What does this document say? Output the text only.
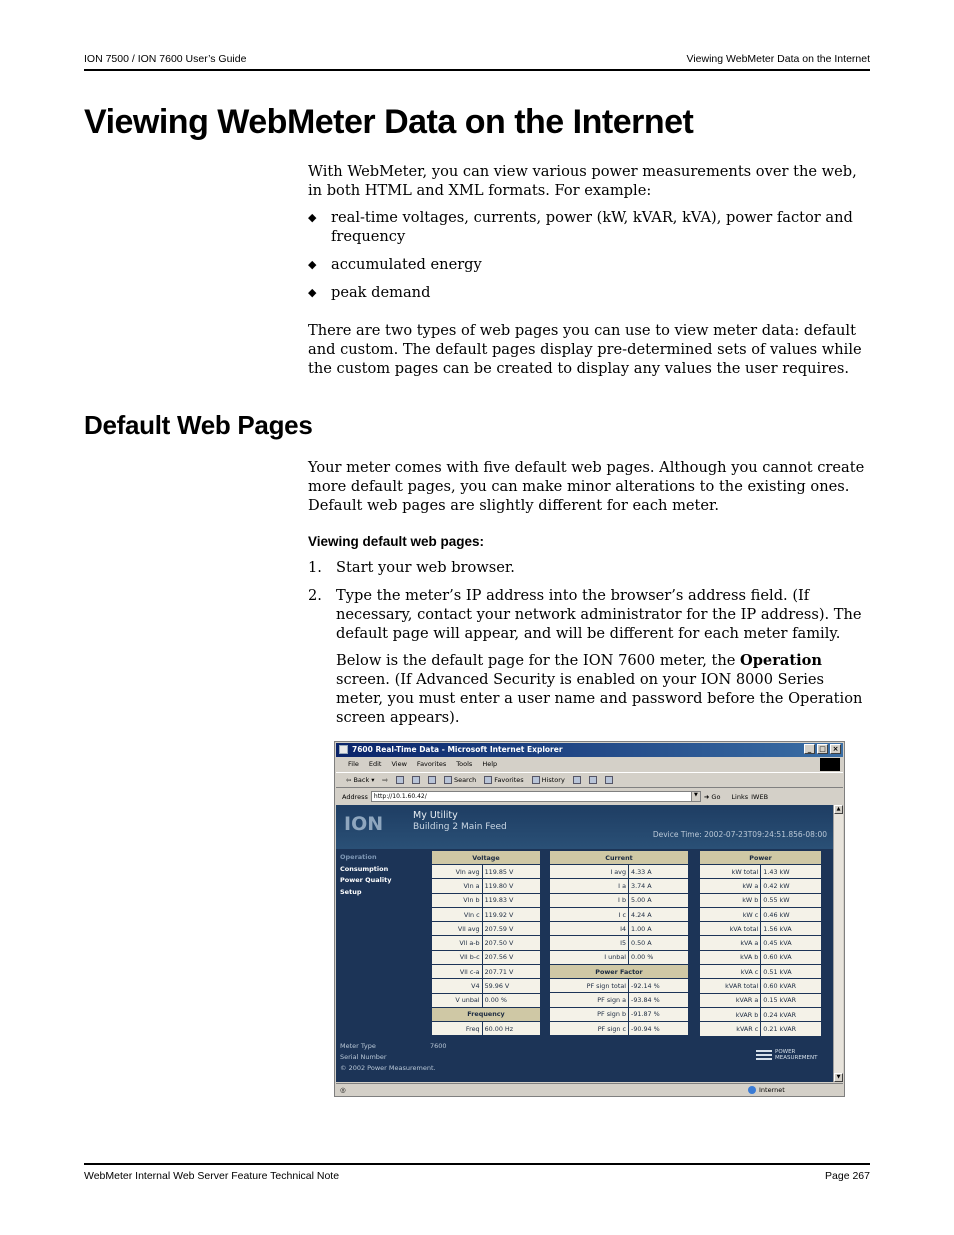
ION 7500 / ION 7600 User’s Guide	Viewing WebMeter Data on the Internet
Viewing WebMeter Data on the Internet

With WebMeter, you can view various power measurements over the web, in both HTML and XML formats. For example:

◆ real-time voltages, currents, power (kW, kVAR, kVA), power factor and frequency
◆ accumulated energy
◆ peak demand

There are two types of web pages you can use to view meter data: default and custom. The default pages display pre-determined sets of values while the custom pages can be created to display any values the user requires.

Default Web Pages

Your meter comes with five default web pages. Although you cannot create more default pages, you can make minor alterations to the existing ones. Default web pages are slightly different for each meter.

Viewing default web pages:
1. Start your web browser.
2. Type the meter’s IP address into the browser’s address field. (If necessary, contact your network administrator for the IP address). The default page will appear, and will be different for each meter family.

Below is the default page for the ION 7600 meter, the Operation screen. (If Advanced Security is enabled on your ION 8000 Series meter, you must enter a user name and password before the Operation screen appears).

7600 Real-Time Data - Microsoft Internet Explorer	_	□ ×
File Edit View Favorites Tools Help
⇦ Back ▾ ⇨	Search	Favorites	History
Address http://10.1.60.42/	▼ ➜ Go Links IWEB
ION	My Utility
Building 2 Main Feed
Device Time: 2002-07-23T09:24:51.856-08:00
Operation
Consumption
Power Quality
Setup
Voltage	
Vln avg	119.85 V
Vln a	119.80 V
Vln b	119.83 V
Vln c	119.92 V
Vll avg	207.59 V
Vll a-b	207.50 V
Vll b-c	207.56 V
Vll c-a	207.71 V
V4	59.96 V
V unbal	0.00 %
Frequency	
Freq	60.00 Hz
Current	
I avg	4.33 A
I a	3.74 A
I b	5.00 A
I c	4.24 A
I4	1.00 A
I5	0.50 A
I unbal	0.00 %
Power Factor	
PF sign total	-92.14 %
PF sign a	-93.84 %
PF sign b	-91.87 %
PF sign c	-90.94 %
Power	
kW total	1.43 kW
kW a	0.42 kW
kW b	0.55 kW
kW c	0.46 kW
kVA total	1.56 kVA
kVA a	0.45 kVA
kVA b	0.60 kVA
kVA c	0.51 kVA
kVAR total	0.60 kVAR
kVAR a	0.15 kVAR
kVAR b	0.24 kVAR
kVAR c	0.21 kVAR
Meter Type	7600
Serial Number
© 2002 Power Measurement.
POWER
MEASUREMENT
▲
▼
◎	Internet
WebMeter Internal Web Server Feature Technical Note	Page 267
